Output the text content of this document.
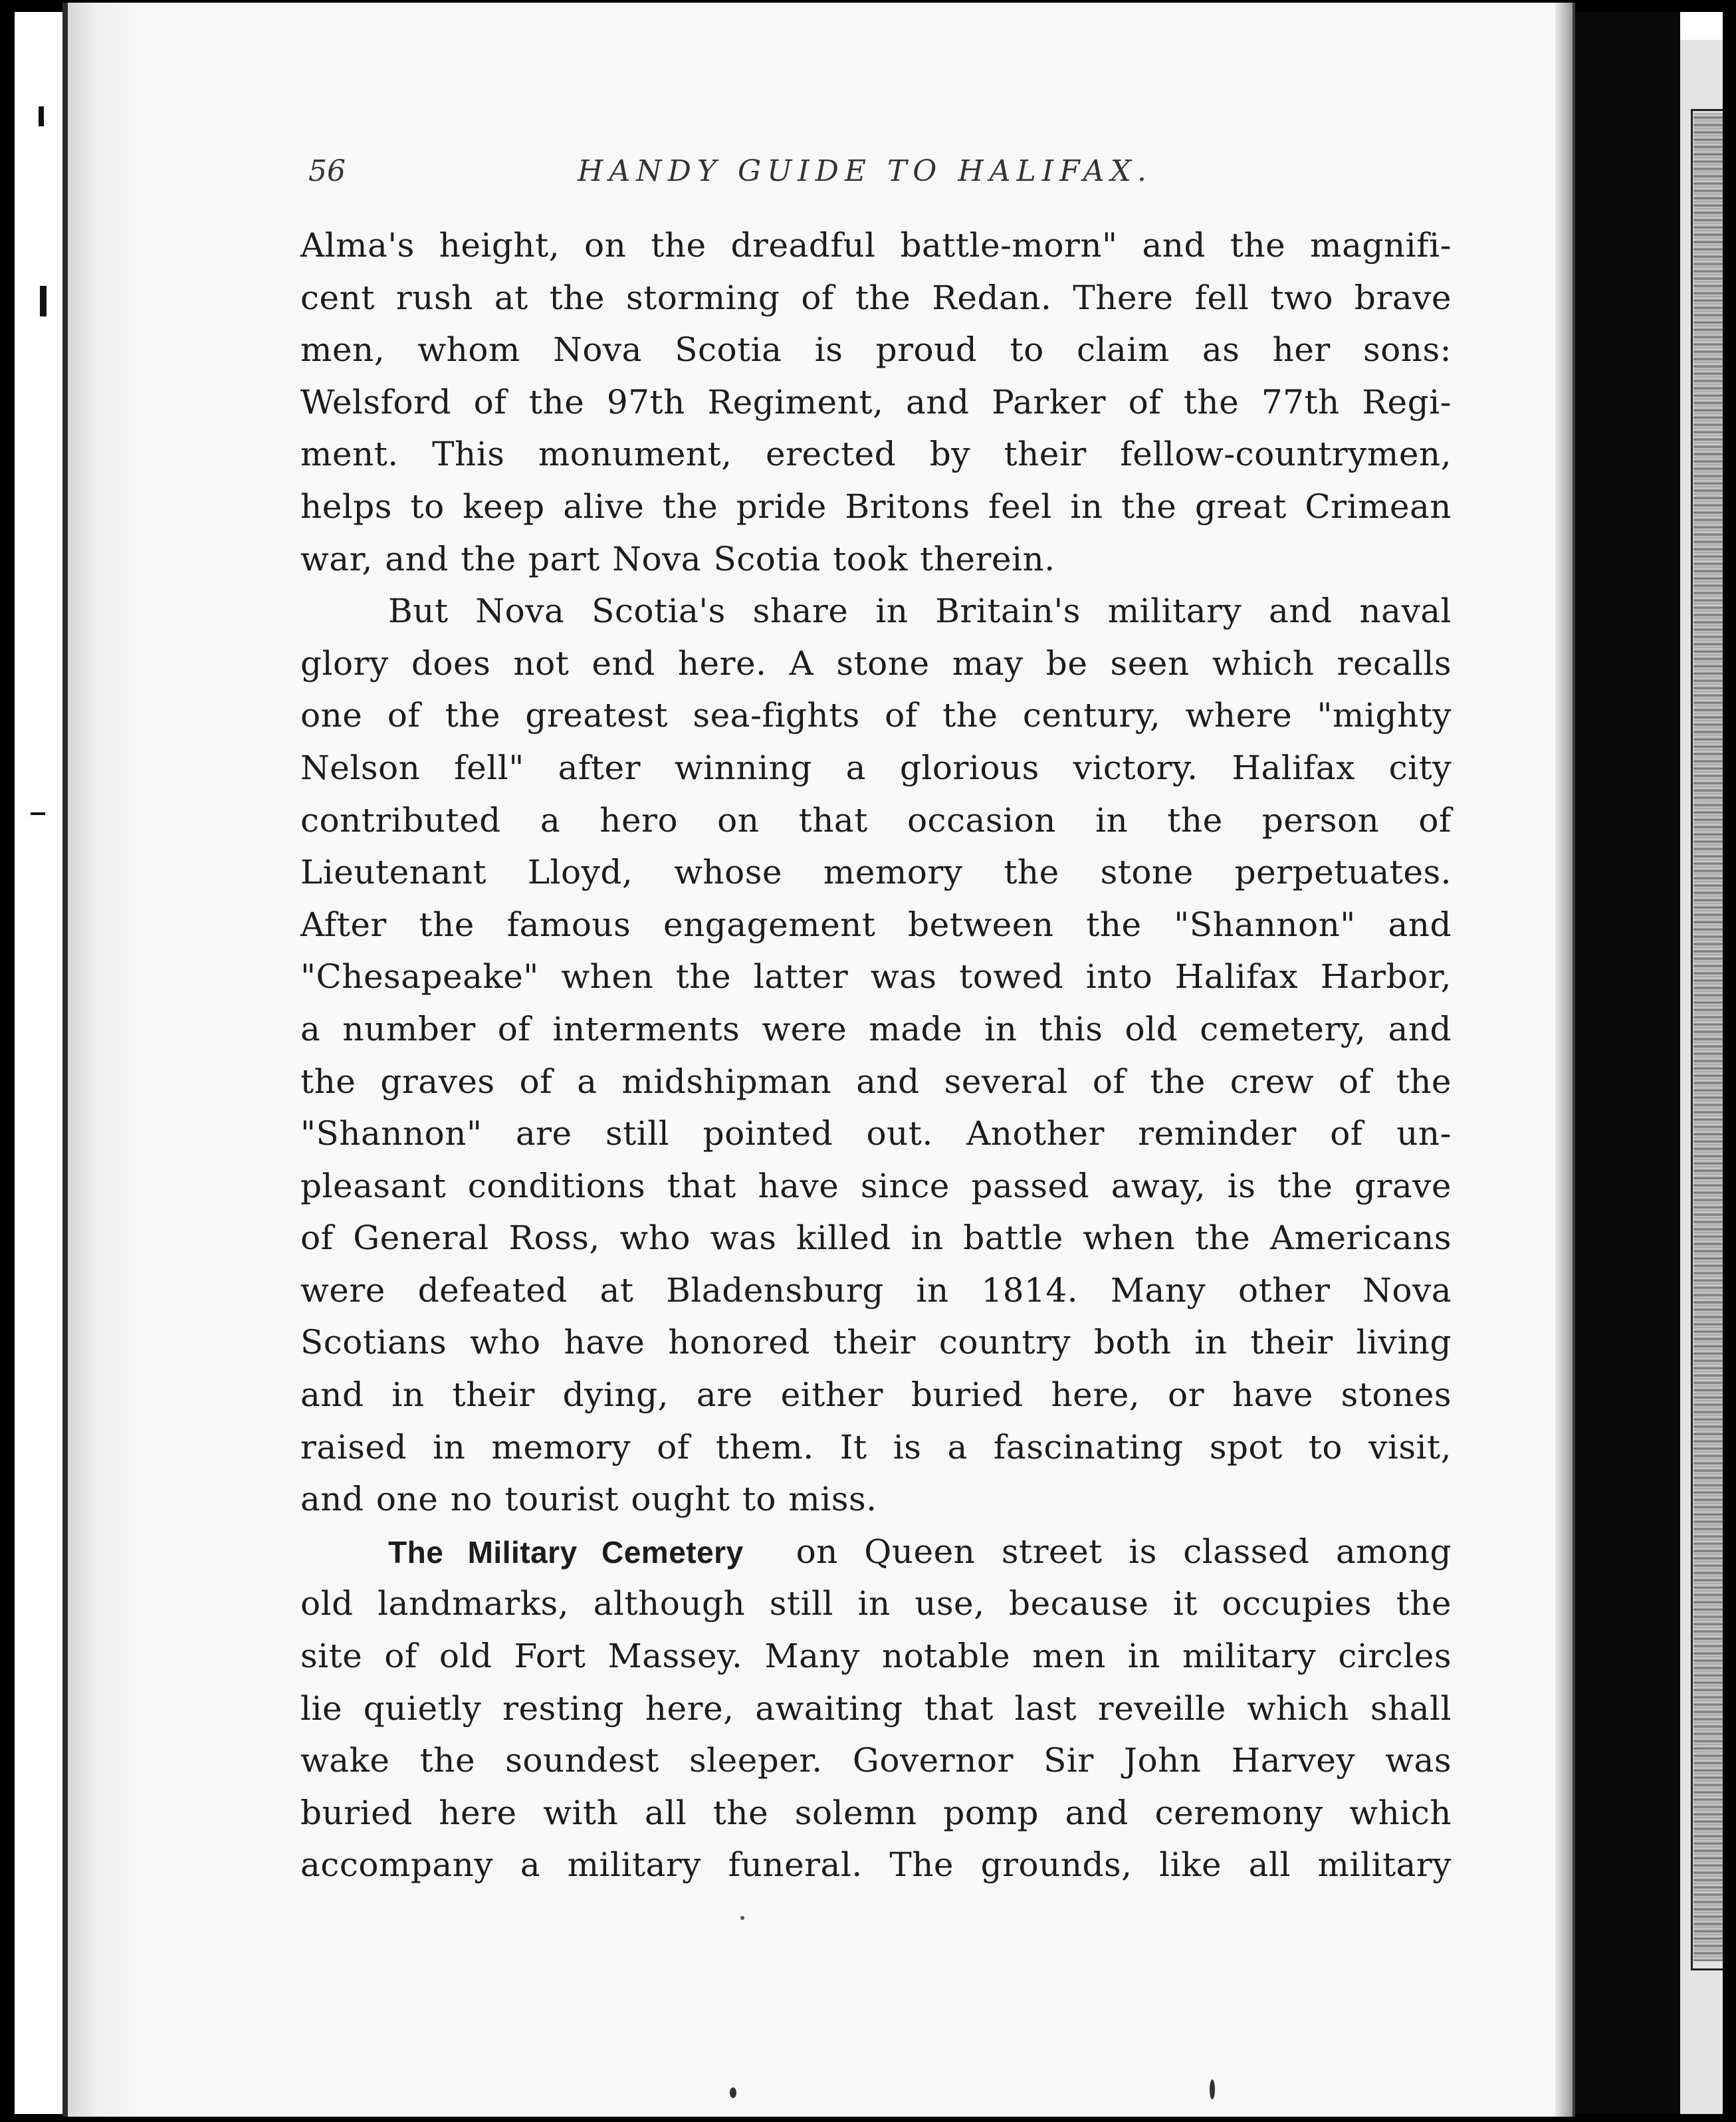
56	HANDY GUIDE TO HALIFAX.
Alma's height, on the dreadful battle-morn" and the magnifi-
cent rush at the storming of the Redan. There fell two brave
men, whom Nova Scotia is proud to claim as her sons:
Welsford of the 97th Regiment, and Parker of the 77th Regi-
ment. This monument, erected by their fellow-countrymen,
helps to keep alive the pride Britons feel in the great Crimean
war, and the part Nova Scotia took therein.
But Nova Scotia's share in Britain's military and naval
glory does not end here. A stone may be seen which recalls
one of the greatest sea-fights of the century, where "mighty
Nelson fell" after winning a glorious victory. Halifax city
contributed a hero on that occasion in the person of
Lieutenant Lloyd, whose memory the stone perpetuates.
After the famous engagement between the "Shannon" and
"Chesapeake" when the latter was towed into Halifax Harbor,
a number of interments were made in this old cemetery, and
the graves of a midshipman and several of the crew of the
"Shannon" are still pointed out. Another reminder of un-
pleasant conditions that have since passed away, is the grave
of General Ross, who was killed in battle when the Americans
were defeated at Bladensburg in 1814. Many other Nova
Scotians who have honored their country both in their living
and in their dying, are either buried here, or have stones
raised in memory of them. It is a fascinating spot to visit,
and one no tourist ought to miss.
The Military Cemetery on Queen street is classed among
old landmarks, although still in use, because it occupies the
site of old Fort Massey. Many notable men in military circles
lie quietly resting here, awaiting that last reveille which shall
wake the soundest sleeper. Governor Sir John Harvey was
buried here with all the solemn pomp and ceremony which
accompany a military funeral. The grounds, like all military
